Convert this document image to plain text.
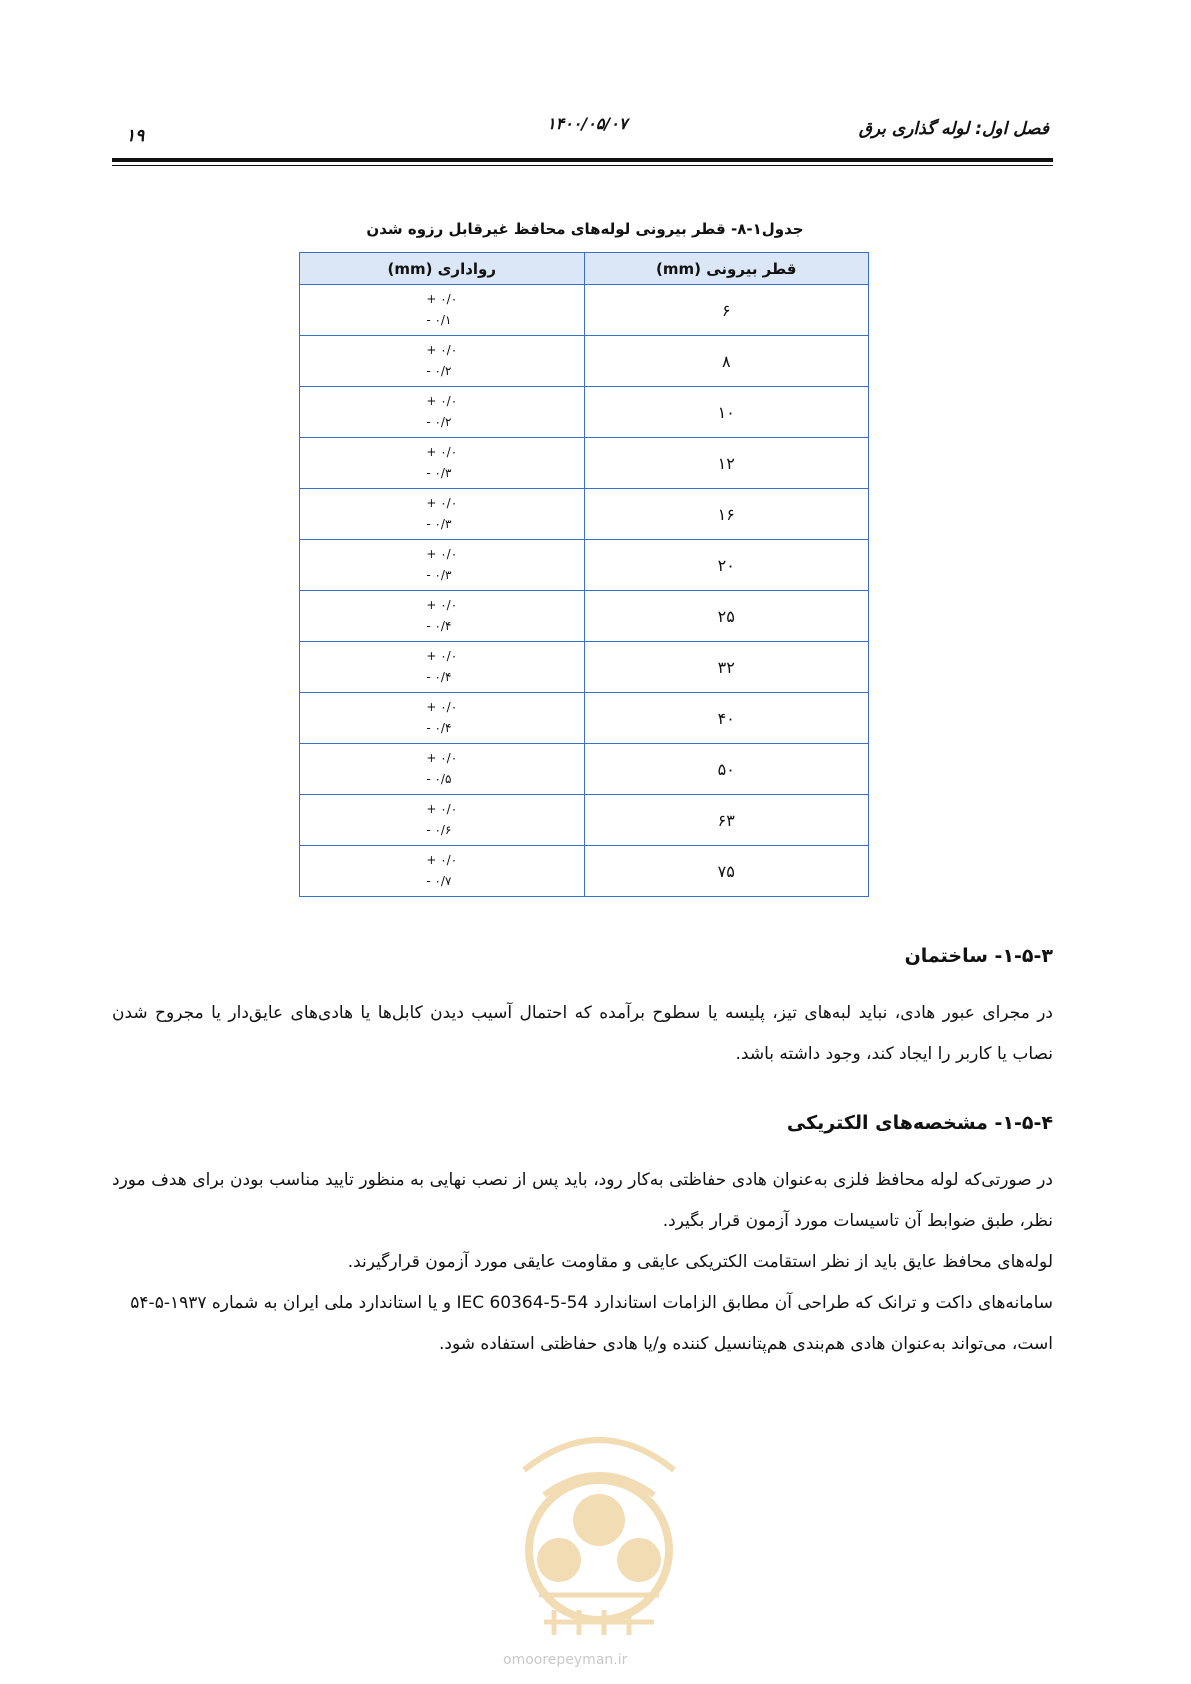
۱۹
۱۴۰۰/۰۵/۰۷	فصل اول: لوله گذاری برق
جدول۱-۸- قطر بیرونی لوله‌های محافظ غیرقابل رزوه شدن
قطر بیرونی (mm)	رواداری (mm)
۶	+ ۰/۰
- ۰/۱

۸	+ ۰/۰
- ۰/۲

۱۰	+ ۰/۰
- ۰/۲

۱۲	+ ۰/۰
- ۰/۳

۱۶	+ ۰/۰
- ۰/۳

۲۰	+ ۰/۰
- ۰/۳

۲۵	+ ۰/۰
- ۰/۴

۳۲	+ ۰/۰
- ۰/۴

۴۰	+ ۰/۰
- ۰/۴

۵۰	+ ۰/۰
- ۰/۵

۶۳	+ ۰/۰
- ۰/۶

۷۵	+ ۰/۰
- ۰/۷
۱-۵-۳- ساختمان
در مجرای عبور هادی، نباید لبه‌های تیز، پلیسه یا سطوح برآمده که احتمال آسیب دیدن کابل‌ها یا هادی‌های عایق‌دار یا مجروح شدن نصاب یا کاربر را ایجاد کند، وجود داشته باشد.
۱-۵-۴- مشخصه‌های الکتریکی
در صورتی‌که لوله محافظ فلزی به‌عنوان هادی حفاظتی به‌کار رود، باید پس از نصب نهایی به منظور تایید مناسب بودن برای هدف مورد نظر، طبق ضوابط آن تاسیسات مورد آزمون قرار بگیرد.
لوله‌های محافظ عایق باید از نظر استقامت الکتریکی عایقی و مقاومت عایقی مورد آزمون قرارگیرند.
سامانه‌های داکت و ترانک که طراحی آن مطابق الزامات استاندارد IEC 60364-5-54 و یا استاندارد ملی ایران به شماره ۱۹۳۷-۵-۵۴ است، می‌تواند به‌عنوان هادی هم‌بندی هم‌پتانسیل کننده و/یا هادی حفاظتی استفاده شود.
omoorepeyman.ir
